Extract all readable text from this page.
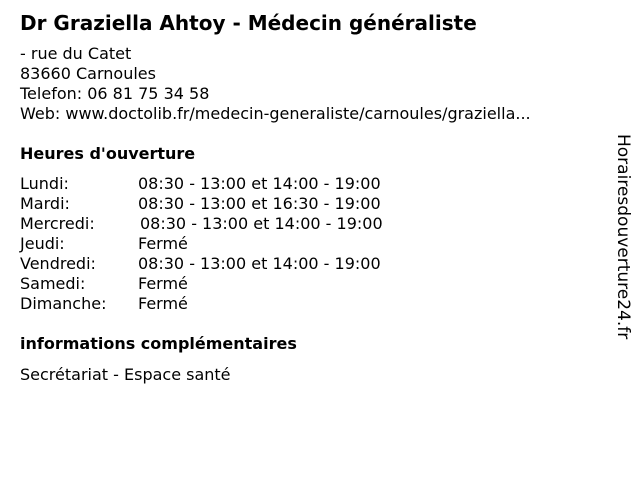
Dr Graziella Ahtoy - Médecin généraliste
- rue du Catet
83660 Carnoules
Telefon: 06 81 75 34 58
Web: www.doctolib.fr/medecin-generaliste/carnoules/graziella...
Heures d'ouverture
Lundi:	08:30 - 13:00 et 14:00 - 19:00
Mardi:	08:30 - 13:00 et 16:30 - 19:00
Mercredi:	08:30 - 13:00 et 14:00 - 19:00
Jeudi:	Fermé
Vendredi:	08:30 - 13:00 et 14:00 - 19:00
Samedi:	Fermé
Dimanche: Fermé
informations complémentaires
Secrétariat - Espace santé
Horairesdouverture24.fr
